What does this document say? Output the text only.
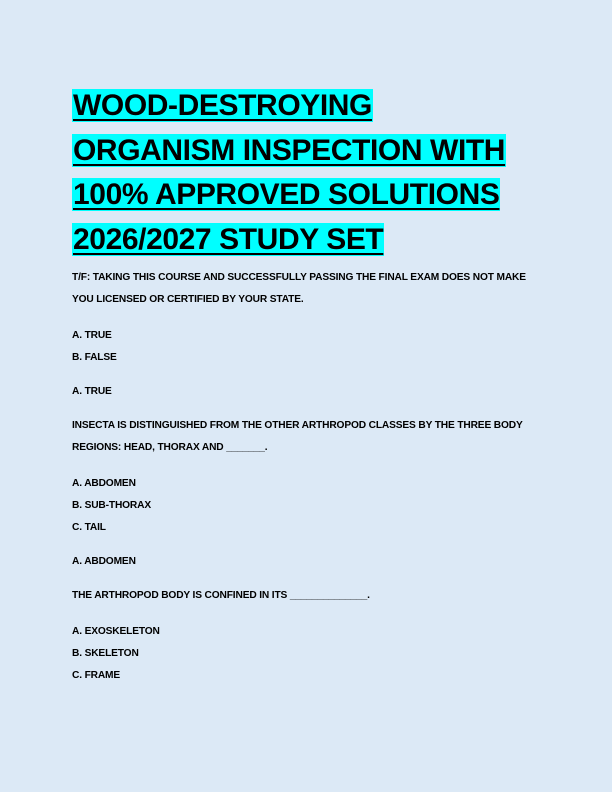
WOOD-DESTROYING
ORGANISM INSPECTION WITH
100% APPROVED SOLUTIONS
2026/2027 STUDY SET

T/F: TAKING THIS COURSE AND SUCCESSFULLY PASSING THE FINAL EXAM DOES NOT MAKE YOU LICENSED OR CERTIFIED BY YOUR STATE.

A. TRUE
B. FALSE

A. TRUE

INSECTA IS DISTINGUISHED FROM THE OTHER ARTHROPOD CLASSES BY THE THREE BODY REGIONS: HEAD, THORAX AND _______.

A. ABDOMEN
B. SUB-THORAX
C. TAIL

A. ABDOMEN

THE ARTHROPOD BODY IS CONFINED IN ITS ______________.

A. EXOSKELETON
B. SKELETON
C. FRAME
